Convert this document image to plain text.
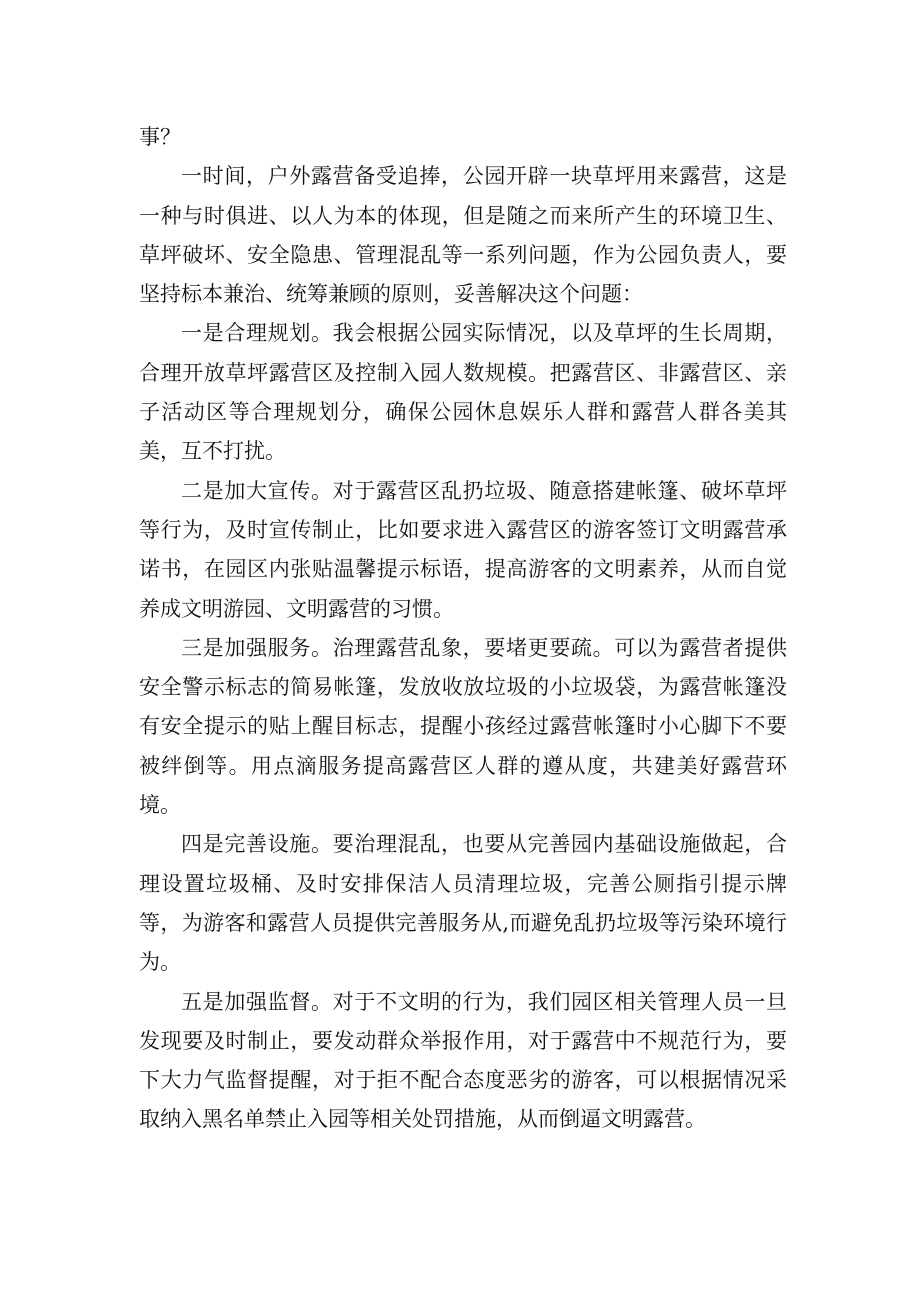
事？

一时间，户外露营备受追捧，公园开辟一块草坪用来露营，这是一种与时俱进、以人为本的体现，但是随之而来所产生的环境卫生、草坪破坏、安全隐患、管理混乱等一系列问题，作为公园负责人，要坚持标本兼治、统筹兼顾的原则，妥善解决这个问题：

一是合理规划。我会根据公园实际情况，以及草坪的生长周期，合理开放草坪露营区及控制入园人数规模。把露营区、非露营区、亲子活动区等合理规划分，确保公园休息娱乐人群和露营人群各美其美，互不打扰。

二是加大宣传。对于露营区乱扔垃圾、随意搭建帐篷、破坏草坪等行为，及时宣传制止，比如要求进入露营区的游客签订文明露营承诺书，在园区内张贴温馨提示标语，提高游客的文明素养，从而自觉养成文明游园、文明露营的习惯。

三是加强服务。治理露营乱象，要堵更要疏。可以为露营者提供安全警示标志的简易帐篷，发放收放垃圾的小垃圾袋，为露营帐篷没有安全提示的贴上醒目标志，提醒小孩经过露营帐篷时小心脚下不要被绊倒等。用点滴服务提高露营区人群的遵从度，共建美好露营环境。

四是完善设施。要治理混乱，也要从完善园内基础设施做起，合理设置垃圾桶、及时安排保洁人员清理垃圾，完善公厕指引提示牌等，为游客和露营人员提供完善服务从,而避免乱扔垃圾等污染环境行为。

五是加强监督。对于不文明的行为，我们园区相关管理人员一旦发现要及时制止，要发动群众举报作用，对于露营中不规范行为，要下大力气监督提醒，对于拒不配合态度恶劣的游客，可以根据情况采取纳入黑名单禁止入园等相关处罚措施，从而倒逼文明露营。
